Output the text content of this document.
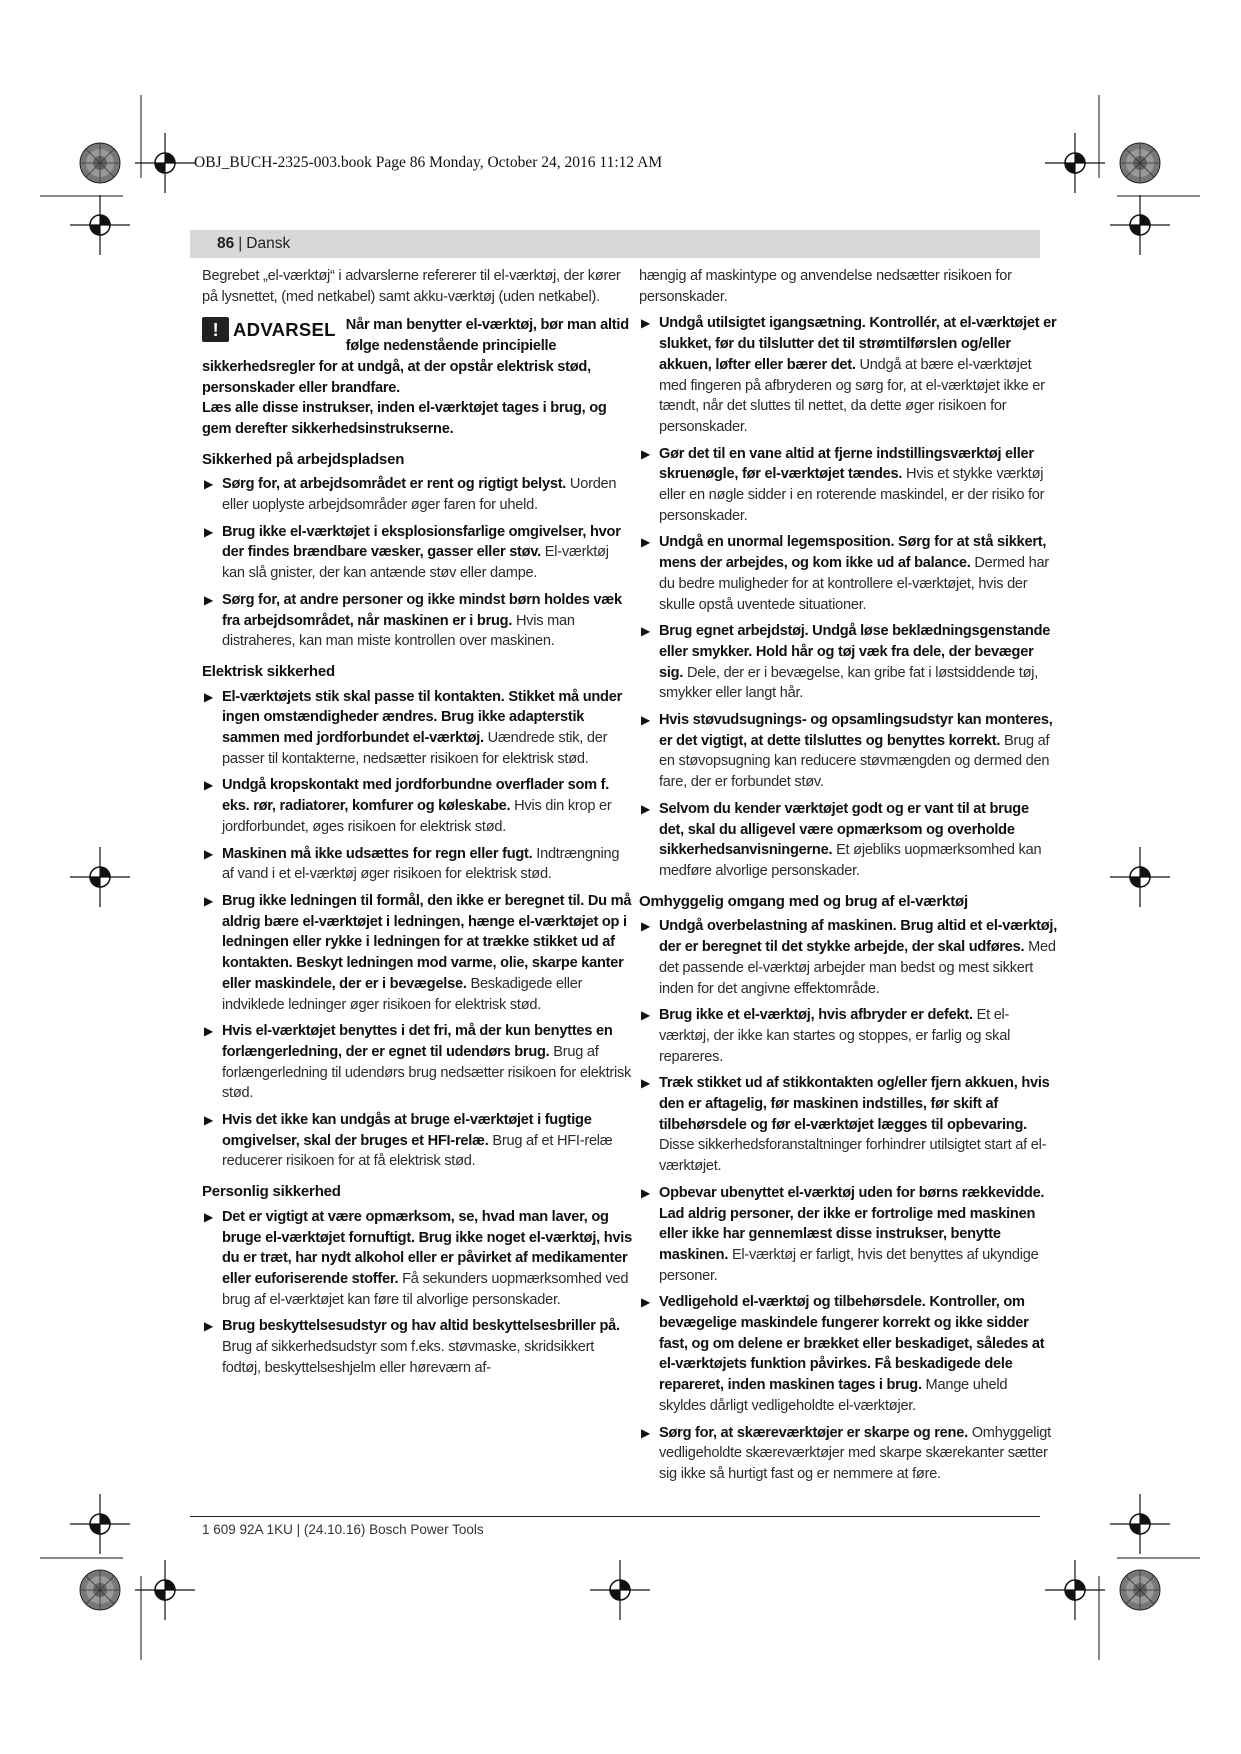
OBJ_BUCH-2325-003.book Page 86 Monday, October 24, 2016 11:12 AM
86 | Dansk

Begrebet „el-værktøj“ i advarslerne refererer til el-værktøj, der kører på lysnettet, (med netkabel) samt akku-værktøj (uden netkabel).

! ADVARSEL Når man benytter el-værktøj, bør man altid følge nedenstående principielle sikkerhedsregler for at undgå, at der opstår elektrisk stød, personskader eller brandfare.
Læs alle disse instrukser, inden el-værktøjet tages i brug, og gem derefter sikkerhedsinstrukserne.
Sikkerhed på arbejdspladsen
▶ Sørg for, at arbejdsområdet er rent og rigtigt belyst. Uorden eller uoplyste arbejdsområder øger faren for uheld.
▶ Brug ikke el-værktøjet i eksplosionsfarlige omgivelser, hvor der findes brændbare væsker, gasser eller støv. El-værktøj kan slå gnister, der kan antænde støv eller dampe.
▶ Sørg for, at andre personer og ikke mindst børn holdes væk fra arbejdsområdet, når maskinen er i brug. Hvis man distraheres, kan man miste kontrollen over maskinen.
Elektrisk sikkerhed
▶ El-værktøjets stik skal passe til kontakten. Stikket må under ingen omstændigheder ændres. Brug ikke adapterstik sammen med jordforbundet el-værktøj. Uændrede stik, der passer til kontakterne, nedsætter risikoen for elektrisk stød.
▶ Undgå kropskontakt med jordforbundne overflader som f. eks. rør, radiatorer, komfurer og køleskabe. Hvis din krop er jordforbundet, øges risikoen for elektrisk stød.
▶ Maskinen må ikke udsættes for regn eller fugt. Indtrængning af vand i et el-værktøj øger risikoen for elektrisk stød.
▶ Brug ikke ledningen til formål, den ikke er beregnet til. Du må aldrig bære el-værktøjet i ledningen, hænge el-værktøjet op i ledningen eller rykke i ledningen for at trække stikket ud af kontakten. Beskyt ledningen mod varme, olie, skarpe kanter eller maskindele, der er i bevægelse. Beskadigede eller indviklede ledninger øger risikoen for elektrisk stød.
▶ Hvis el-værktøjet benyttes i det fri, må der kun benyttes en forlængerledning, der er egnet til udendørs brug. Brug af forlængerledning til udendørs brug nedsætter risikoen for elektrisk stød.
▶ Hvis det ikke kan undgås at bruge el-værktøjet i fugtige omgivelser, skal der bruges et HFI-relæ. Brug af et HFI-relæ reducerer risikoen for at få elektrisk stød.
Personlig sikkerhed
▶ Det er vigtigt at være opmærksom, se, hvad man laver, og bruge el-værktøjet fornuftigt. Brug ikke noget el-værktøj, hvis du er træt, har nydt alkohol eller er påvirket af medikamenter eller euforiserende stoffer. Få sekunders uopmærksomhed ved brug af el-værktøjet kan føre til alvorlige personskader.
▶ Brug beskyttelsesudstyr og hav altid beskyttelsesbriller på. Brug af sikkerhedsudstyr som f.eks. støvmaske, skridsikkert fodtøj, beskyttelseshjelm eller høreværn af-

hængig af maskintype og anvendelse nedsætter risikoen for personskader.

▶ Undgå utilsigtet igangsætning. Kontrollér, at el-værktøjet er slukket, før du tilslutter det til strømtilførslen og/eller akkuen, løfter eller bærer det. Undgå at bære el-værktøjet med fingeren på afbryderen og sørg for, at el-værktøjet ikke er tændt, når det sluttes til nettet, da dette øger risikoen for personskader.
▶ Gør det til en vane altid at fjerne indstillingsværktøj eller skruenøgle, før el-værktøjet tændes. Hvis et stykke værktøj eller en nøgle sidder i en roterende maskindel, er der risiko for personskader.
▶ Undgå en unormal legemsposition. Sørg for at stå sikkert, mens der arbejdes, og kom ikke ud af balance. Dermed har du bedre muligheder for at kontrollere el-værktøjet, hvis der skulle opstå uventede situationer.
▶ Brug egnet arbejdstøj. Undgå løse beklædningsgenstande eller smykker. Hold hår og tøj væk fra dele, der bevæger sig. Dele, der er i bevægelse, kan gribe fat i løstsiddende tøj, smykker eller langt hår.
▶ Hvis støvudsugnings- og opsamlingsudstyr kan monteres, er det vigtigt, at dette tilsluttes og benyttes korrekt. Brug af en støvopsugning kan reducere støvmængden og dermed den fare, der er forbundet støv.
▶ Selvom du kender værktøjet godt og er vant til at bruge det, skal du alligevel være opmærksom og overholde sikkerhedsanvisningerne. Et øjebliks uopmærksomhed kan medføre alvorlige personskader.
Omhyggelig omgang med og brug af el-værktøj
▶ Undgå overbelastning af maskinen. Brug altid et el-værktøj, der er beregnet til det stykke arbejde, der skal udføres. Med det passende el-værktøj arbejder man bedst og mest sikkert inden for det angivne effektområde.
▶ Brug ikke et el-værktøj, hvis afbryder er defekt. Et el-værktøj, der ikke kan startes og stoppes, er farlig og skal repareres.
▶ Træk stikket ud af stikkontakten og/eller fjern akkuen, hvis den er aftagelig, før maskinen indstilles, før skift af tilbehørsdele og før el-værktøjet lægges til opbevaring. Disse sikkerhedsforanstaltninger forhindrer utilsigtet start af el-værktøjet.
▶ Opbevar ubenyttet el-værktøj uden for børns rækkevidde. Lad aldrig personer, der ikke er fortrolige med maskinen eller ikke har gennemlæst disse instrukser, benytte maskinen. El-værktøj er farligt, hvis det benyttes af ukyndige personer.
▶ Vedligehold el-værktøj og tilbehørsdele. Kontroller, om bevægelige maskindele fungerer korrekt og ikke sidder fast, og om delene er brækket eller beskadiget, således at el-værktøjets funktion påvirkes. Få beskadigede dele repareret, inden maskinen tages i brug. Mange uheld skyldes dårligt vedligeholdte el-værktøjer.
▶ Sørg for, at skæreværktøjer er skarpe og rene. Omhyggeligt vedligeholdte skæreværktøjer med skarpe skærekanter sætter sig ikke så hurtigt fast og er nemmere at føre.
1 609 92A 1KU | (24.10.16) Bosch Power Tools
